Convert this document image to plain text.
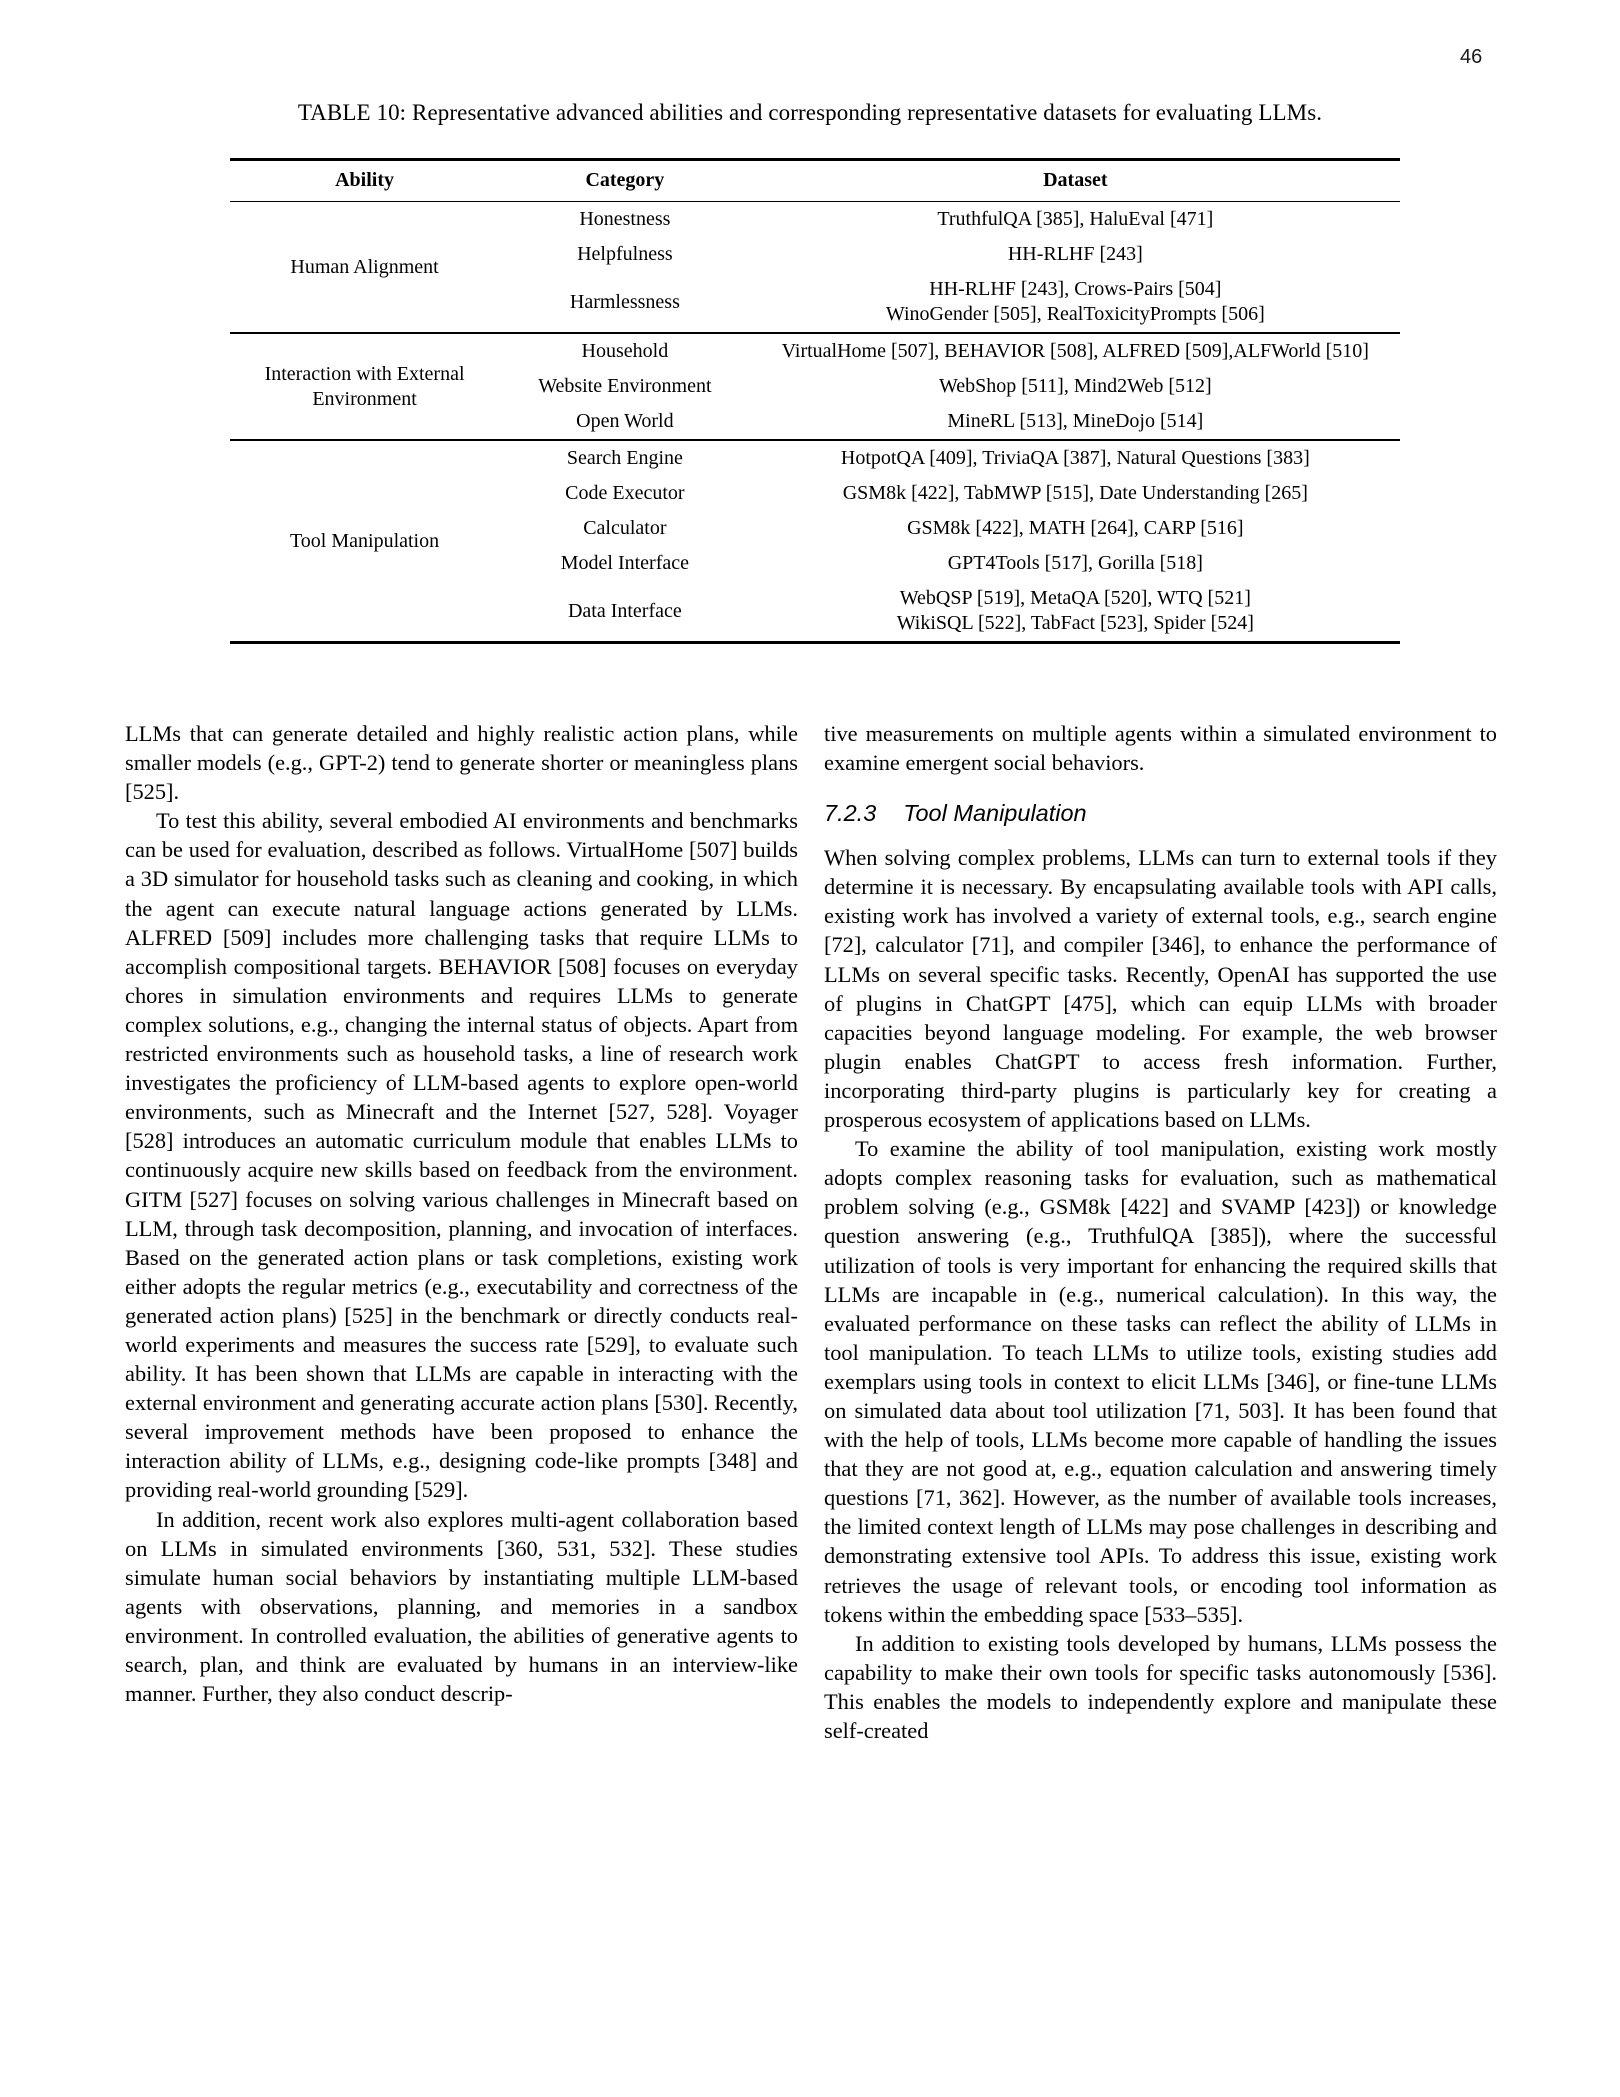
46
TABLE 10: Representative advanced abilities and corresponding representative datasets for evaluating LLMs.
Ability	Category	Dataset
Human Alignment	Honestness	TruthfulQA [385], HaluEval [471]
	Helpfulness	HH-RLHF [243]
	Harmlessness	HH-RLHF [243], Crows-Pairs [504]
WinoGender [505], RealToxicityPrompts [506]

Interaction with External Environment	Household	VirtualHome [507], BEHAVIOR [508], ALFRED [509],ALFWorld [510]
	Website Environment	WebShop [511], Mind2Web [512]
	Open World	MineRL [513], MineDojo [514]
Tool Manipulation	Search Engine	HotpotQA [409], TriviaQA [387], Natural Questions [383]
	Code Executor	GSM8k [422], TabMWP [515], Date Understanding [265]
	Calculator	GSM8k [422], MATH [264], CARP [516]
	Model Interface	GPT4Tools [517], Gorilla [518]
	Data Interface	WebQSP [519], MetaQA [520], WTQ [521]
WikiSQL [522], TabFact [523], Spider [524]

LLMs that can generate detailed and highly realistic action plans, while smaller models (e.g., GPT-2) tend to generate shorter or meaningless plans [525].

To test this ability, several embodied AI environments and benchmarks can be used for evaluation, described as follows. VirtualHome [507] builds a 3D simulator for household tasks such as cleaning and cooking, in which the agent can execute natural language actions generated by LLMs. ALFRED [509] includes more challenging tasks that require LLMs to accomplish compositional targets. BEHAVIOR [508] focuses on everyday chores in simulation environments and requires LLMs to generate complex solutions, e.g., changing the internal status of objects. Apart from restricted environments such as household tasks, a line of research work investigates the proficiency of LLM-based agents to explore open-world environments, such as Minecraft and the Internet [527, 528]. Voyager [528] introduces an automatic curriculum module that enables LLMs to continuously acquire new skills based on feedback from the environment. GITM [527] focuses on solving various challenges in Minecraft based on LLM, through task decomposition, planning, and invocation of interfaces. Based on the generated action plans or task completions, existing work either adopts the regular metrics (e.g., executability and correctness of the generated action plans) [525] in the benchmark or directly conducts real-world experiments and measures the success rate [529], to evaluate such ability. It has been shown that LLMs are capable in interacting with the external environment and generating accurate action plans [530]. Recently, several improvement methods have been proposed to enhance the interaction ability of LLMs, e.g., designing code-like prompts [348] and providing real-world grounding [529].

In addition, recent work also explores multi-agent collaboration based on LLMs in simulated environments [360, 531, 532]. These studies simulate human social behaviors by instantiating multiple LLM-based agents with observations, planning, and memories in a sandbox environment. In controlled evaluation, the abilities of generative agents to search, plan, and think are evaluated by humans in an interview-like manner. Further, they also conduct descrip-

tive measurements on multiple agents within a simulated environment to examine emergent social behaviors.

7.2.3 Tool Manipulation

When solving complex problems, LLMs can turn to external tools if they determine it is necessary. By encapsulating available tools with API calls, existing work has involved a variety of external tools, e.g., search engine [72], calculator [71], and compiler [346], to enhance the performance of LLMs on several specific tasks. Recently, OpenAI has supported the use of plugins in ChatGPT [475], which can equip LLMs with broader capacities beyond language modeling. For example, the web browser plugin enables ChatGPT to access fresh information. Further, incorporating third-party plugins is particularly key for creating a prosperous ecosystem of applications based on LLMs.

To examine the ability of tool manipulation, existing work mostly adopts complex reasoning tasks for evaluation, such as mathematical problem solving (e.g., GSM8k [422] and SVAMP [423]) or knowledge question answering (e.g., TruthfulQA [385]), where the successful utilization of tools is very important for enhancing the required skills that LLMs are incapable in (e.g., numerical calculation). In this way, the evaluated performance on these tasks can reflect the ability of LLMs in tool manipulation. To teach LLMs to utilize tools, existing studies add exemplars using tools in context to elicit LLMs [346], or fine-tune LLMs on simulated data about tool utilization [71, 503]. It has been found that with the help of tools, LLMs become more capable of handling the issues that they are not good at, e.g., equation calculation and answering timely questions [71, 362]. However, as the number of available tools increases, the limited context length of LLMs may pose challenges in describing and demonstrating extensive tool APIs. To address this issue, existing work retrieves the usage of relevant tools, or encoding tool information as tokens within the embedding space [533–535].

In addition to existing tools developed by humans, LLMs possess the capability to make their own tools for specific tasks autonomously [536]. This enables the models to independently explore and manipulate these self-created
